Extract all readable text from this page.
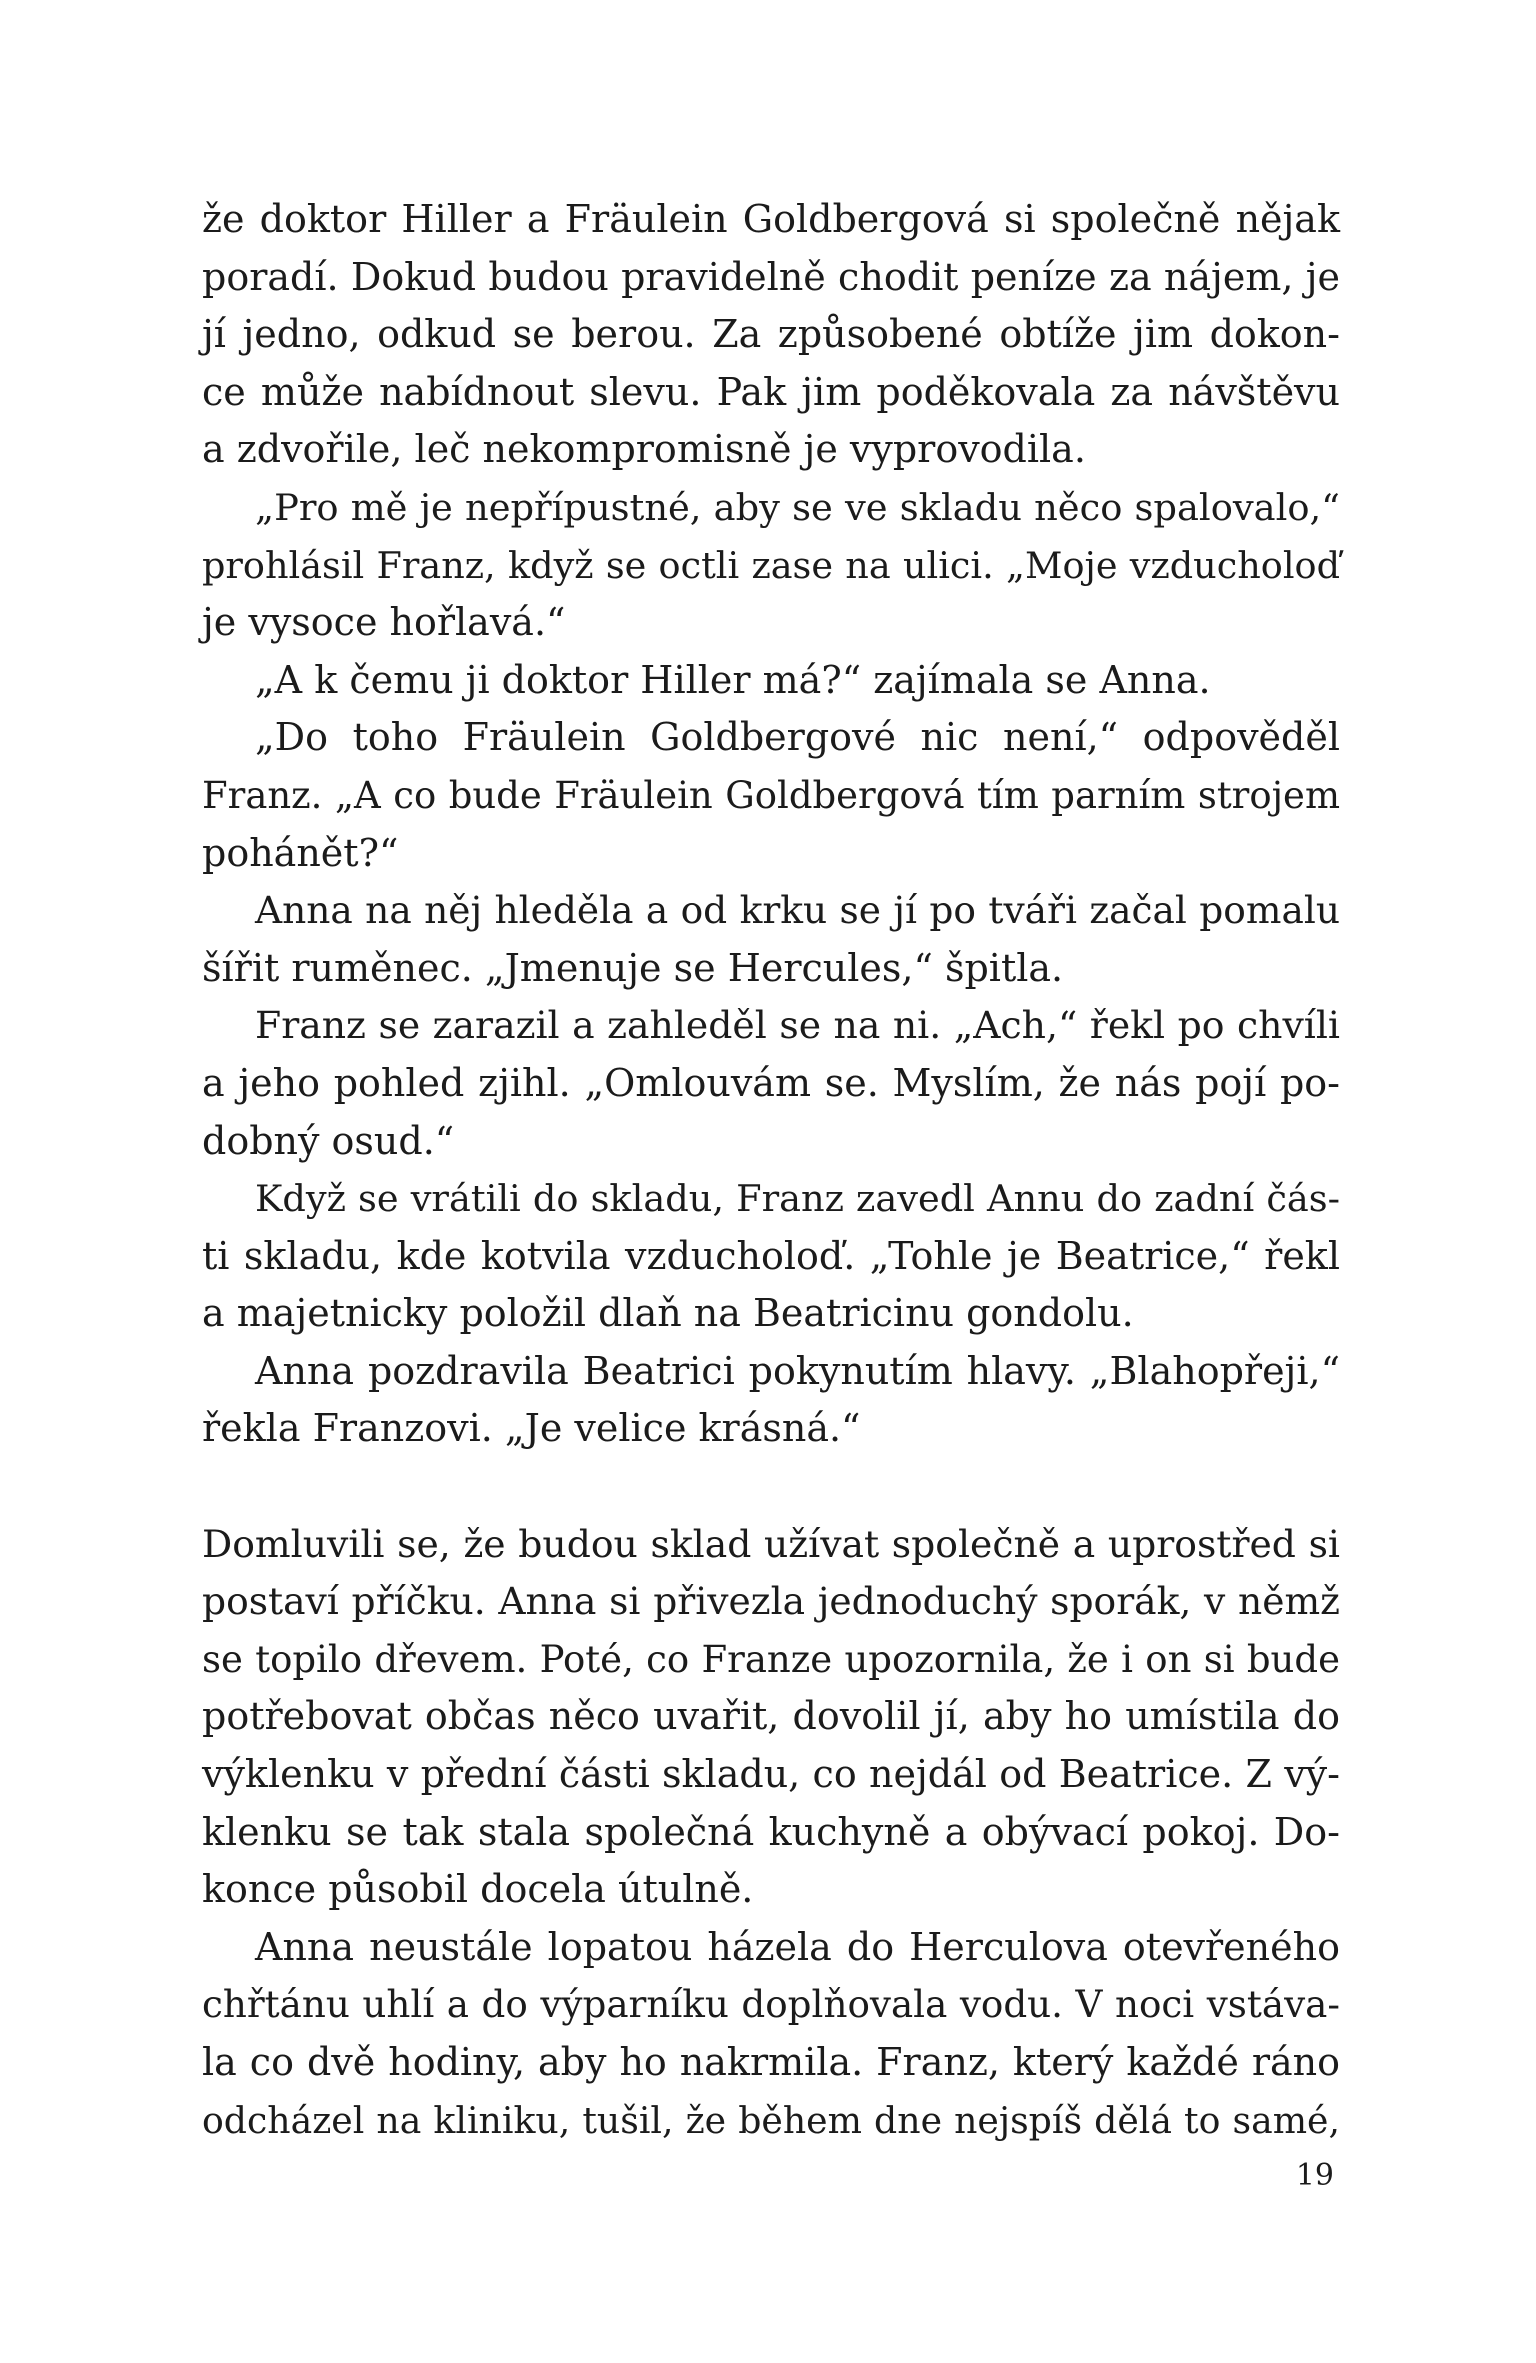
že doktor Hiller a Fräulein Goldbergová si společně nějak
poradí. Dokud budou pravidelně chodit peníze za nájem, je
jí jedno, odkud se berou. Za způsobené obtíže jim dokon-
ce může nabídnout slevu. Pak jim poděkovala za návštěvu
a zdvořile, leč nekompromisně je vyprovodila.
„Pro mě je nepřípustné, aby se ve skladu něco spalovalo,“
prohlásil Franz, když se octli zase na ulici. „Moje vzducholoď
je vysoce hořlavá.“
„A k čemu ji doktor Hiller má?“ zajímala se Anna.
„Do toho Fräulein Goldbergové nic není,“ odpověděl
Franz. „A co bude Fräulein Goldbergová tím parním strojem
pohánět?“
Anna na něj hleděla a od krku se jí po tváři začal pomalu
šířit ruměnec. „Jmenuje se Hercules,“ špitla.
Franz se zarazil a zahleděl se na ni. „Ach,“ řekl po chvíli
a jeho pohled zjihl. „Omlouvám se. Myslím, že nás pojí po-
dobný osud.“
Když se vrátili do skladu, Franz zavedl Annu do zadní čás-
ti skladu, kde kotvila vzducholoď. „Tohle je Beatrice,“ řekl
a majetnicky položil dlaň na Beatricinu gondolu.
Anna pozdravila Beatrici pokynutím hlavy. „Blahopřeji,“
řekla Franzovi. „Je velice krásná.“
Domluvili se, že budou sklad užívat společně a uprostřed si
postaví příčku. Anna si přivezla jednoduchý sporák, v němž
se topilo dřevem. Poté, co Franze upozornila, že i on si bude
potřebovat občas něco uvařit, dovolil jí, aby ho umístila do
výklenku v přední části skladu, co nejdál od Beatrice. Z vý-
klenku se tak stala společná kuchyně a obývací pokoj. Do-
konce působil docela útulně.
Anna neustále lopatou házela do Herculova otevřeného
chřtánu uhlí a do výparníku doplňovala vodu. V noci vstáva-
la co dvě hodiny, aby ho nakrmila. Franz, který každé ráno
odcházel na kliniku, tušil, že během dne nejspíš dělá to samé,
19
